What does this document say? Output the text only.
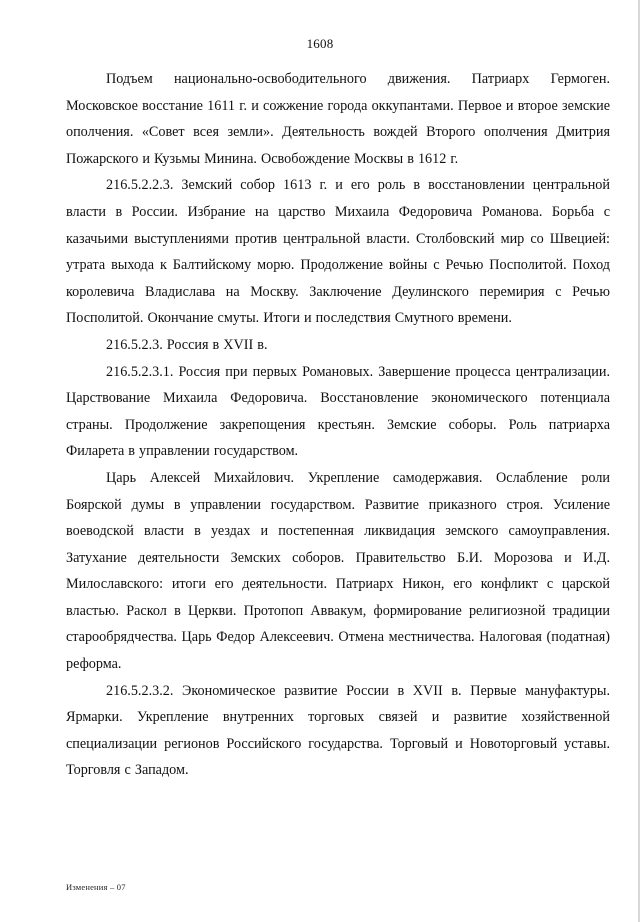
1608

Подъем национально-освободительного движения. Патриарх Гермоген. Московское восстание 1611 г. и сожжение города оккупантами. Первое и второе земские ополчения. «Совет всея земли». Деятельность вождей Второго ополчения Дмитрия Пожарского и Кузьмы Минина. Освобождение Москвы в 1612 г.

216.5.2.2.3. Земский собор 1613 г. и его роль в восстановлении центральной власти в России. Избрание на царство Михаила Федоровича Романова. Борьба с казачьими выступлениями против центральной власти. Столбовский мир со Швецией: утрата выхода к Балтийскому морю. Продолжение войны с Речью Посполитой. Поход королевича Владислава на Москву. Заключение Деулинского перемирия с Речью Посполитой. Окончание смуты. Итоги и последствия Смутного времени.

216.5.2.3. Россия в XVII в.

216.5.2.3.1. Россия при первых Романовых. Завершение процесса централизации. Царствование Михаила Федоровича. Восстановление экономического потенциала страны. Продолжение закрепощения крестьян. Земские соборы. Роль патриарха Филарета в управлении государством.

Царь Алексей Михайлович. Укрепление самодержавия. Ослабление роли Боярской думы в управлении государством. Развитие приказного строя. Усиление воеводской власти в уездах и постепенная ликвидация земского самоуправления. Затухание деятельности Земских соборов. Правительство Б.И. Морозова и И.Д. Милославского: итоги его деятельности. Патриарх Никон, его конфликт с царской властью. Раскол в Церкви. Протопоп Аввакум, формирование религиозной традиции старообрядчества. Царь Федор Алексеевич. Отмена местничества. Налоговая (податная) реформа.

216.5.2.3.2. Экономическое развитие России в XVII в. Первые мануфактуры. Ярмарки. Укрепление внутренних торговых связей и развитие хозяйственной специализации регионов Российского государства. Торговый и Новоторговый уставы. Торговля с Западом.

Изменения – 07
